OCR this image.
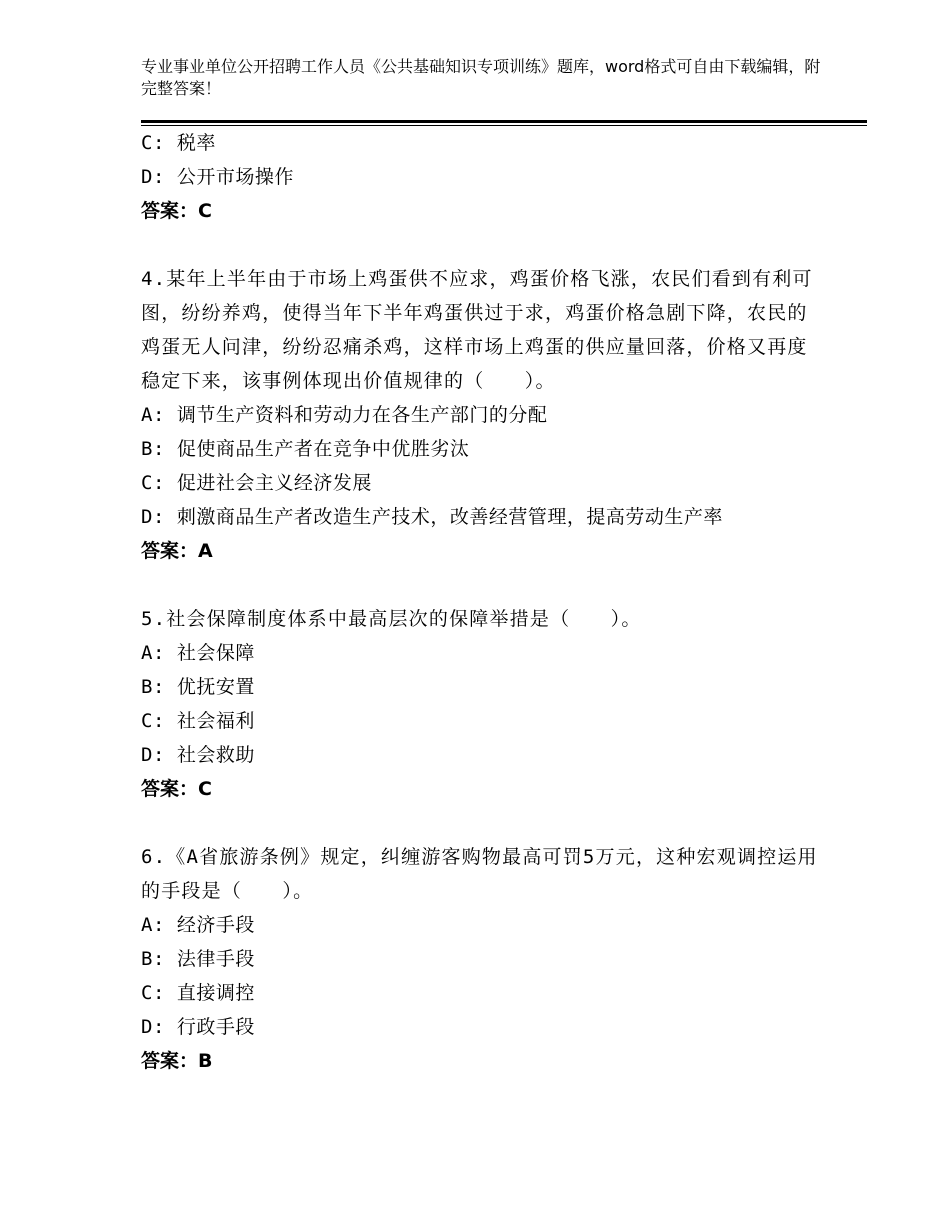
专业事业单位公开招聘工作人员《公共基础知识专项训练》题库，word格式可自由下载编辑，附完整答案！
C: 税率
D: 公开市场操作
答案：C
4.某年上半年由于市场上鸡蛋供不应求，鸡蛋价格飞涨，农民们看到有利可图，纷纷养鸡，使得当年下半年鸡蛋供过于求，鸡蛋价格急剧下降，农民的鸡蛋无人问津，纷纷忍痛杀鸡，这样市场上鸡蛋的供应量回落，价格又再度稳定下来，该事例体现出价值规律的（　　）。
A: 调节生产资料和劳动力在各生产部门的分配
B: 促使商品生产者在竞争中优胜劣汰
C: 促进社会主义经济发展
D: 刺激商品生产者改造生产技术，改善经营管理，提高劳动生产率
答案：A
5.社会保障制度体系中最高层次的保障举措是（　　）。
A: 社会保障
B: 优抚安置
C: 社会福利
D: 社会救助
答案：C
6.《A省旅游条例》规定，纠缠游客购物最高可罚5万元，这种宏观调控运用的手段是（　　）。
A: 经济手段
B: 法律手段
C: 直接调控
D: 行政手段
答案：B
